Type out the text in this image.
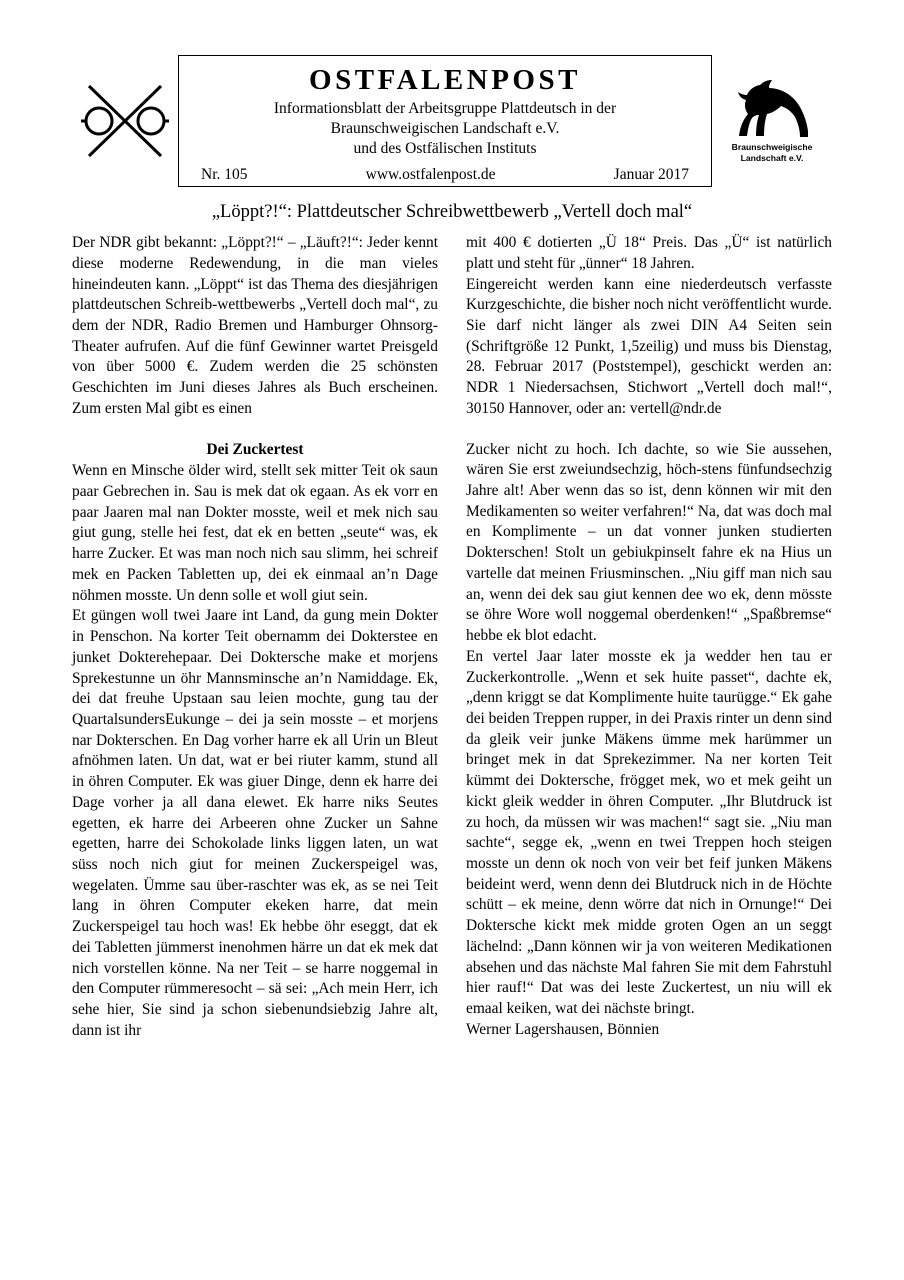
OSTFALENPOST
Informationsblatt der Arbeitsgruppe Plattdeutsch in der
Braunschweigischen Landschaft e.V.
und des Ostfälischen Instituts
Nr. 105	www.ostfalenpost.de	Januar 2017
Braunschweigische
Landschaft e.V.
„Löppt?!“: Plattdeutscher Schreibwettbewerb „Vertell doch mal“

Der NDR gibt bekannt: „Löppt?!“ – „Läuft?!“: Jeder kennt diese moderne Redewendung, in die man vieles hineindeuten kann. „Löppt“ ist das Thema des diesjährigen plattdeutschen Schreib-wettbewerbs „Vertell doch mal“, zu dem der NDR, Radio Bremen und Hamburger Ohnsorg-Theater aufrufen. Auf die fünf Gewinner wartet Preisgeld von über 5000 €. Zudem werden die 25 schönsten Geschichten im Juni dieses Jahres als Buch erscheinen. Zum ersten Mal gibt es einen

Dei Zuckertest

Wenn en Minsche ölder wird, stellt sek mitter Teit ok saun paar Gebrechen in. Sau is mek dat ok egaan. As ek vorr en paar Jaaren mal nan Dokter mosste, weil et mek nich sau giut gung, stelle hei fest, dat ek en betten „seute“ was, ek harre Zucker. Et was man noch nich sau slimm, hei schreif mek en Packen Tabletten up, dei ek einmaal an’n Dage nöhmen mosste. Un denn solle et woll giut sein.

Et güngen woll twei Jaare int Land, da gung mein Dokter in Penschon. Na korter Teit obernamm dei Dokterstee en junket Dokterehepaar. Dei Doktersche make et morjens Sprekestunne un öhr Mannsminsche an’n Namiddage. Ek, dei dat freuhe Upstaan sau leien mochte, gung tau der QuartalsundersEukunge – dei ja sein mosste – et morjens nar Dokterschen. En Dag vorher harre ek all Urin un Bleut afnöhmen laten. Un dat, wat er bei riuter kamm, stund all in öhren Computer. Ek was giuer Dinge, denn ek harre dei Dage vorher ja all dana elewet. Ek harre niks Seutes egetten, ek harre dei Arbeeren ohne Zucker un Sahne egetten, harre dei Schokolade links liggen laten, un wat süss noch nich giut for meinen Zuckerspeigel was, wegelaten. Ümme sau über-raschter was ek, as se nei Teit lang in öhren Computer ekeken harre, dat mein Zuckerspeigel tau hoch was! Ek hebbe öhr eseggt, dat ek dei Tabletten jümmerst inenohmen härre un dat ek mek dat nich vorstellen könne. Na ner Teit – se harre noggemal in den Computer rümmeresocht – sä sei: „Ach mein Herr, ich sehe hier, Sie sind ja schon siebenundsiebzig Jahre alt, dann ist ihr

mit 400 € dotierten „Ü 18“ Preis. Das „Ü“ ist natürlich platt und steht für „ünner“ 18 Jahren.

Eingereicht werden kann eine niederdeutsch verfasste Kurzgeschichte, die bisher noch nicht veröffentlicht wurde. Sie darf nicht länger als zwei DIN A4 Seiten sein (Schriftgröße 12 Punkt, 1,5zeilig) und muss bis Dienstag, 28. Februar 2017 (Poststempel), geschickt werden an: NDR 1 Niedersachsen, Stichwort „Vertell doch mal!“, 30150 Hannover, oder an: vertell@ndr.de

Zucker nicht zu hoch. Ich dachte, so wie Sie aussehen, wären Sie erst zweiundsechzig, höch-stens fünfundsechzig Jahre alt! Aber wenn das so ist, denn können wir mit den Medikamenten so weiter verfahren!“ Na, dat was doch mal en Komplimente – un dat vonner junken studierten Dokterschen! Stolt un gebiukpinselt fahre ek na Hius un vartelle dat meinen Friusminschen. „Niu giff man nich sau an, wenn dei dek sau giut kennen dee wo ek, denn mösste se öhre Wore woll noggemal oberdenken!“ „Spaßbremse“ hebbe ek blot edacht.

En vertel Jaar later mosste ek ja wedder hen tau er Zuckerkontrolle. „Wenn et sek huite passet“, dachte ek, „denn kriggt se dat Komplimente huite taurügge.“ Ek gahe dei beiden Treppen rupper, in dei Praxis rinter un denn sind da gleik veir junke Mäkens ümme mek harümmer un bringet mek in dat Sprekezimmer. Na ner korten Teit kümmt dei Doktersche, frögget mek, wo et mek geiht un kickt gleik wedder in öhren Computer. „Ihr Blutdruck ist zu hoch, da müssen wir was machen!“ sagt sie. „Niu man sachte“, segge ek, „wenn en twei Treppen hoch steigen mosste un denn ok noch von veir bet feif junken Mäkens beideint werd, wenn denn dei Blutdruck nich in de Höchte schütt – ek meine, denn wörre dat nich in Ornunge!“ Dei Doktersche kickt mek midde groten Ogen an un seggt lächelnd: „Dann können wir ja von weiteren Medikationen absehen und das nächste Mal fahren Sie mit dem Fahrstuhl hier rauf!“ Dat was dei leste Zuckertest, un niu will ek emaal keiken, wat dei nächste bringt.

Werner Lagershausen, Bönnien
